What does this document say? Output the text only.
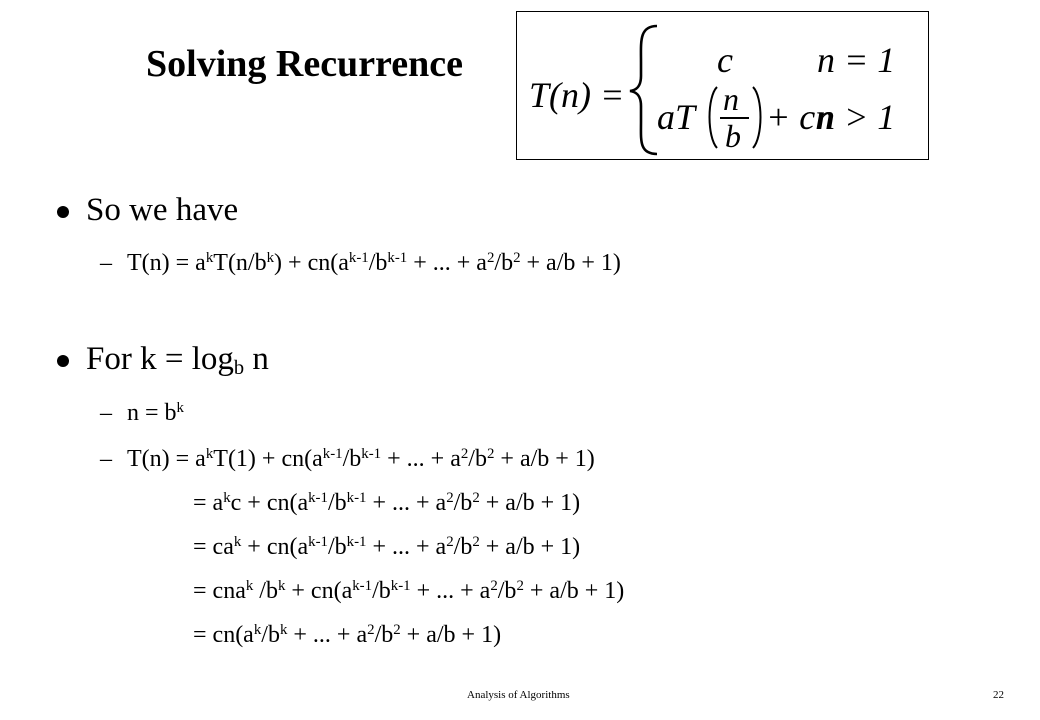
Solving Recurrence
T(n) =
c n = 1
aT n
b + cn
n > 1
So we have
– $T(n) = a^kT(n/b^k) + cn(a^{k-1}/b^{k-1}$ + ... + $a^2/b^2 + a/b + 1$)
For $k = \log_b n$
– $n = b^k$
– $T(n) = a^kT(1) + cn(a^{k-1}/b^{k-1}$ + ... + $a^2/b^2 + a/b + 1$)
= $a^kc + cn(a^{k-1}/b^{k-1}$ + ... + $a^2/b^2 + a/b + 1$)
= $ca^k + cn(a^{k-1}/b^{k-1}$ + ... + $a^2/b^2 + a/b + 1$)
= cna$^k$ $/b^k + cn(a^{k-1}/b^{k-1}$ + ... + $a^2/b^2 + a/b + 1$)
= $cn(a^k/b^k$ + ... + $a^2/b^2 + a/b + 1$)
Analysis of Algorithms	22
